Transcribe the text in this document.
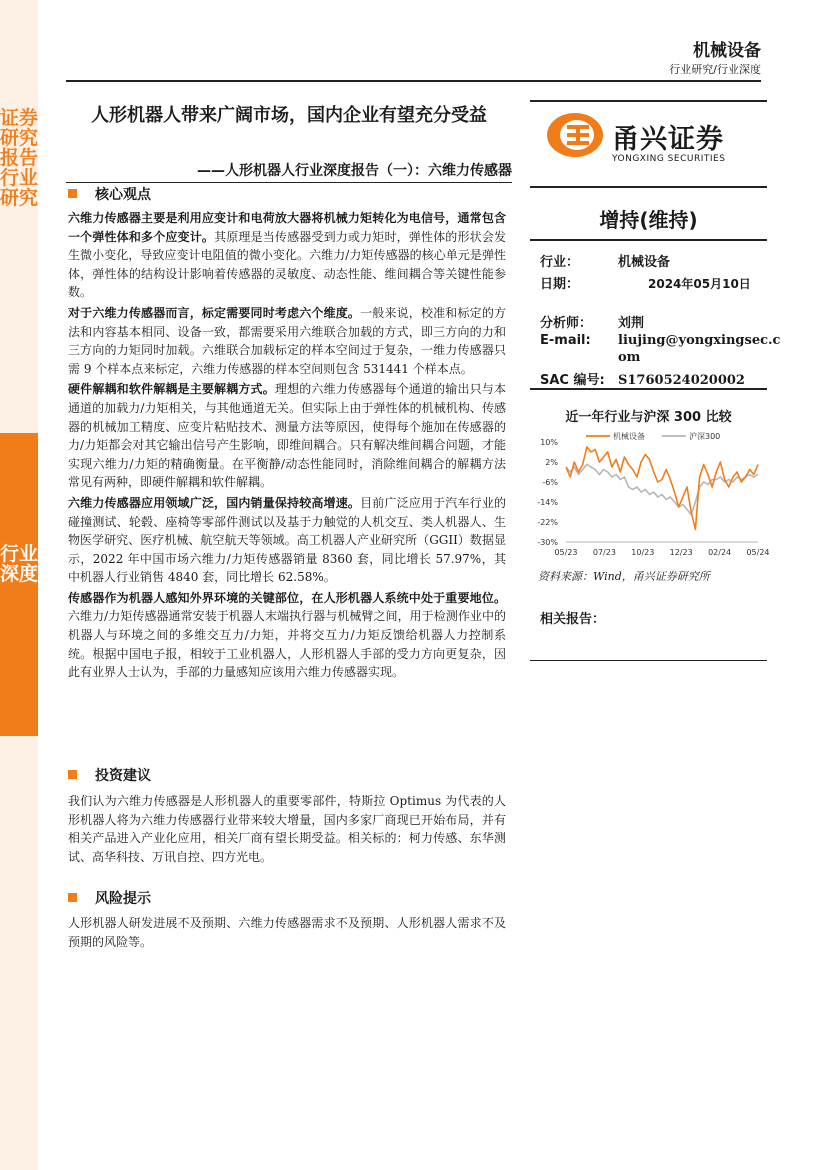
证券研究报告 行业研究
行业深度
机械设备
行业研究/行业深度
人形机器人带来广阔市场，国内企业有望充分受益
——人形机器人行业深度报告（一）：六维力传感器
核心观点

六维力传感器主要是利用应变计和电荷放大器将机械力矩转化为电信号，通常包含一个弹性体和多个应变计。其原理是当传感器受到力或力矩时，弹性体的形状会发生微小变化，导致应变计电阻值的微小变化。六维力/力矩传感器的核心单元是弹性体，弹性体的结构设计影响着传感器的灵敏度、动态性能、维间耦合等关键性能参数。

对于六维力传感器而言，标定需要同时考虑六个维度。一般来说，校准和标定的方法和内容基本相同、设备一致，都需要采用六维联合加载的方式，即三方向的力和三方向的力矩同时加载。六维联合加载标定的样本空间过于复杂，一维力传感器只需 9 个样本点来标定，六维力传感器的样本空间则包含 531441 个样本点。

硬件解耦和软件解耦是主要解耦方式。理想的六维力传感器每个通道的输出只与本通道的加载力/力矩相关，与其他通道无关。但实际上由于弹性体的机械机构、传感器的机械加工精度、应变片粘贴技术、测量方法等原因，使得每个施加在传感器的力/力矩都会对其它输出信号产生影响，即维间耦合。只有解决维间耦合问题，才能实现六维力/力矩的精确衡量。在平衡静/动态性能同时，消除维间耦合的解耦方法常见有两种，即硬件解耦和软件解耦。

六维力传感器应用领域广泛，国内销量保持较高增速。目前广泛应用于汽车行业的碰撞测试、轮毂、座椅等零部件测试以及基于力触觉的人机交互、类人机器人、生物医学研究、医疗机械、航空航天等领域。高工机器人产业研究所（GGII）数据显示，2022 年中国市场六维力/力矩传感器销量 8360 套，同比增长 57.97%，其中机器人行业销售 4840 套，同比增长 62.58%。

传感器作为机器人感知外界环境的关键部位，在人形机器人系统中处于重要地位。六维力/力矩传感器通常安装于机器人末端执行器与机械臂之间，用于检测作业中的机器人与环境之间的多维交互力/力矩，并将交互力/力矩反馈给机器人力控制系统。根据中国电子报，相较于工业机器人，人形机器人手部的受力方向更复杂，因此有业界人士认为，手部的力量感知应该用六维力传感器实现。

投资建议

我们认为六维力传感器是人形机器人的重要零部件，特斯拉 Optimus 为代表的人形机器人将为六维力传感器行业带来较大增量，国内多家厂商现已开始布局，并有相关产品进入产业化应用，相关厂商有望长期受益。相关标的：柯力传感、东华测试、高华科技、万讯自控、四方光电。

风险提示

人形机器人研发进展不及预期、六维力传感器需求不及预期、人形机器人需求不及预期的风险等。

甬兴证券
YONGXING SECURITIES
增持(维持)
行业：	机械设备
日期：	2024年05月10日
分析师： 刘荆
E-mail: liujing@yongxingsec.c
om
SAC 编号: S1760524020002
近一年行业与沪深 300 比较
10%
2%
-6%
-14%
-22%
-30%
05/23 07/23 10/23 12/23 02/24 05/24
机械设备	沪深300
资料来源：Wind，甬兴证券研究所
相关报告：
